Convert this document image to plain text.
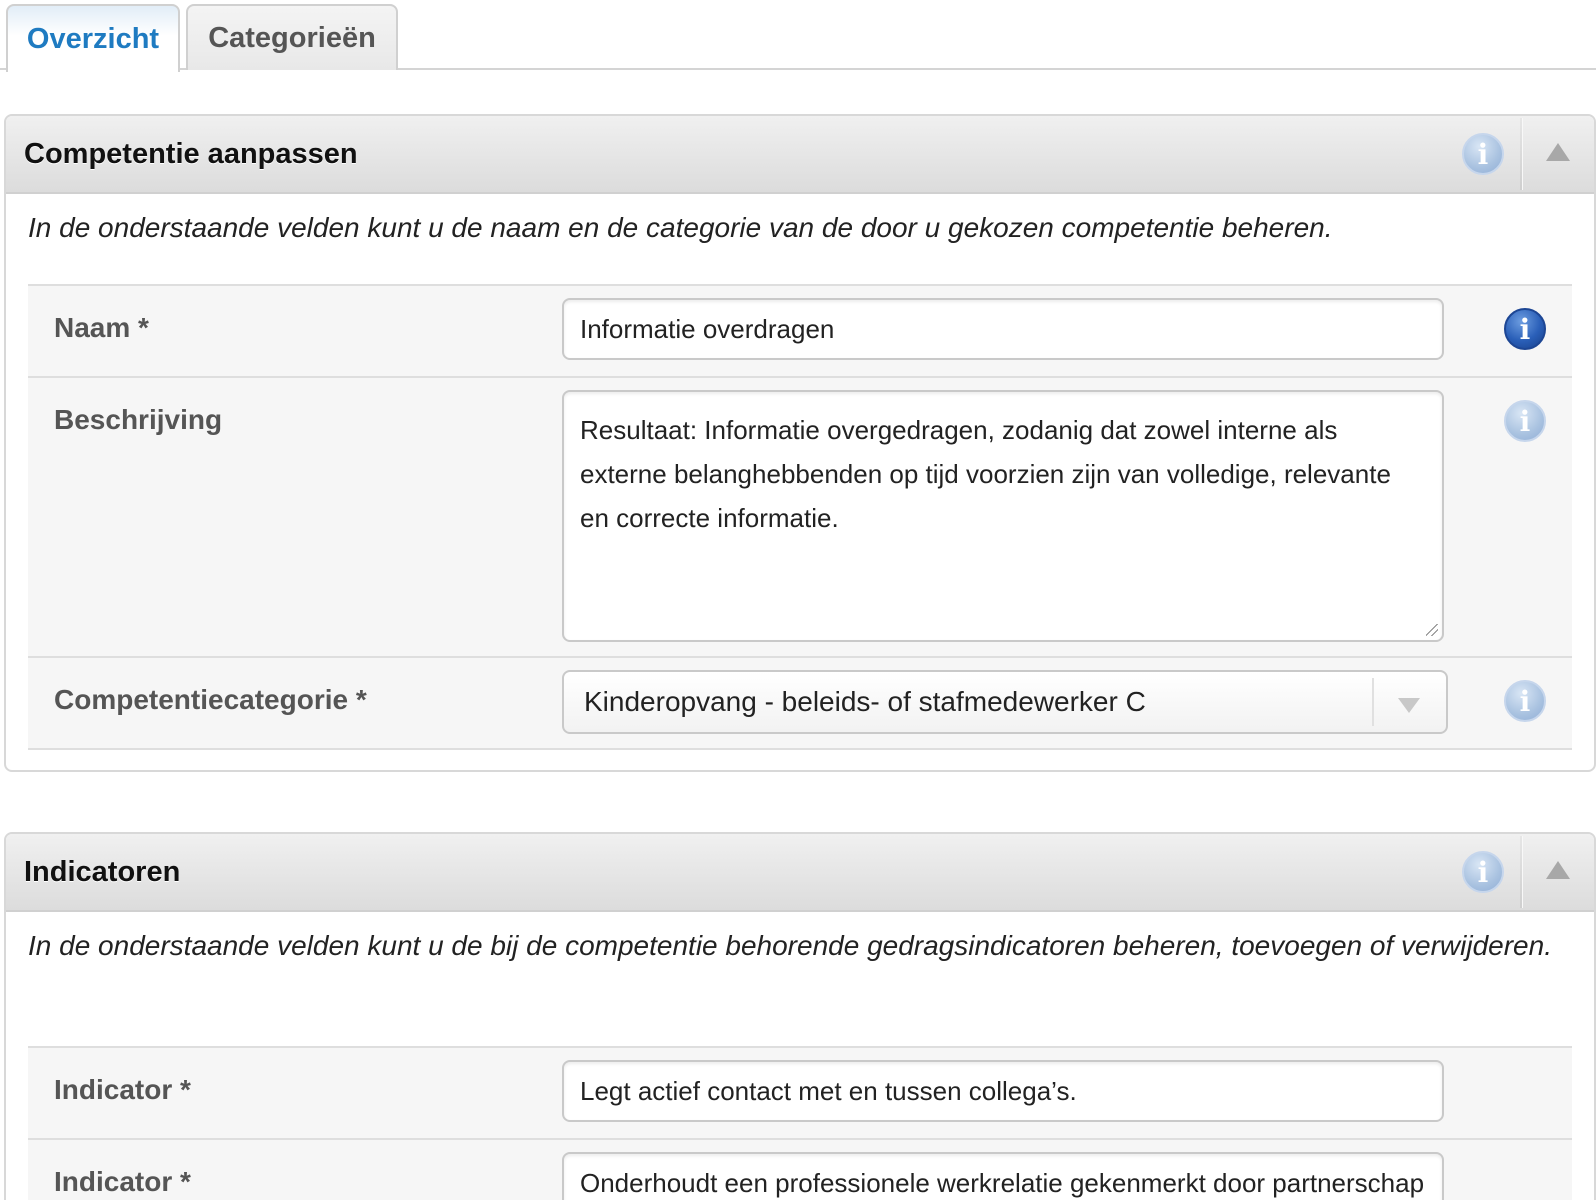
Overzicht	Categorieën
Competentie aanpassen	i
In de onderstaande velden kunt u de naam en de categorie van de door u gekozen competentie beheren.
Naam *	Informatie overdragen	i
Beschrijving	Resultaat: Informatie overgedragen, zodanig dat zowel interne als externe belanghebbenden op tijd voorzien zijn van volledige, relevante en correcte informatie.
i
Competentiecategorie *	Kinderopvang - beleids- of stafmedewerker C	i
Indicatoren	i
In de onderstaande velden kunt u de bij de competentie behorende gedragsindicatoren beheren, toevoegen of verwijderen.
Indicator *	Legt actief contact met en tussen collega’s.
Indicator *	Onderhoudt een professionele werkrelatie gekenmerkt door partnerschap
